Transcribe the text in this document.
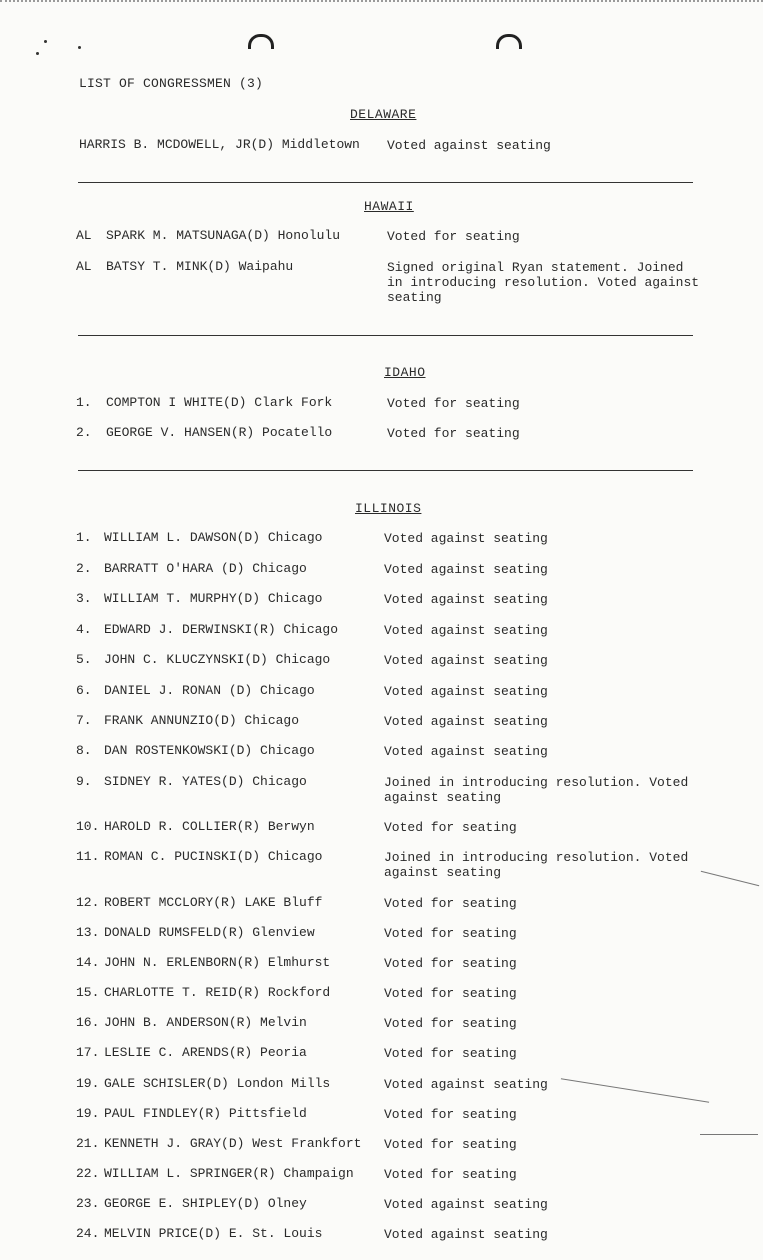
LIST OF CONGRESSMEN (3)
DELAWARE
HARRIS B. MCDOWELL, JR(D) Middletown Voted against seating
HAWAII
AL	SPARK M. MATSUNAGA(D) Honolulu	Voted for seating
AL	BATSY T. MINK(D) Waipahu	Signed original Ryan statement. Joined
in introducing resolution. Voted against
seating
IDAHO
1.	COMPTON I WHITE(D) Clark Fork	Voted for seating
2.	GEORGE V. HANSEN(R) Pocatello	Voted for seating
ILLINOIS
1. WILLIAM L. DAWSON(D) Chicago	Voted against seating
2. BARRATT O'HARA (D) Chicago	Voted against seating
3. WILLIAM T. MURPHY(D) Chicago	Voted against seating
4. EDWARD J. DERWINSKI(R) Chicago	Voted against seating
5. JOHN C. KLUCZYNSKI(D) Chicago	Voted against seating
6. DANIEL J. RONAN (D) Chicago	Voted against seating
7. FRANK ANNUNZIO(D) Chicago	Voted against seating
8. DAN ROSTENKOWSKI(D) Chicago	Voted against seating
9. SIDNEY R. YATES(D) Chicago	Joined in introducing resolution. Voted
against seating
10. HAROLD R. COLLIER(R) Berwyn	Voted for seating
11. ROMAN C. PUCINSKI(D) Chicago	Joined in introducing resolution. Voted
against seating
12. ROBERT MCCLORY(R) LAKE Bluff	Voted for seating
13. DONALD RUMSFELD(R) Glenview	Voted for seating
14. JOHN N. ERLENBORN(R) Elmhurst	Voted for seating
15. CHARLOTTE T. REID(R) Rockford	Voted for seating
16. JOHN B. ANDERSON(R) Melvin	Voted for seating
17. LESLIE C. ARENDS(R) Peoria	Voted for seating
19. GALE SCHISLER(D) London Mills	Voted against seating
19. PAUL FINDLEY(R) Pittsfield	Voted for seating
21. KENNETH J. GRAY(D) West Frankfort Voted for seating
22. WILLIAM L. SPRINGER(R) Champaign Voted for seating
23. GEORGE E. SHIPLEY(D) Olney	Voted against seating
24. MELVIN PRICE(D) E. St. Louis	Voted against seating
